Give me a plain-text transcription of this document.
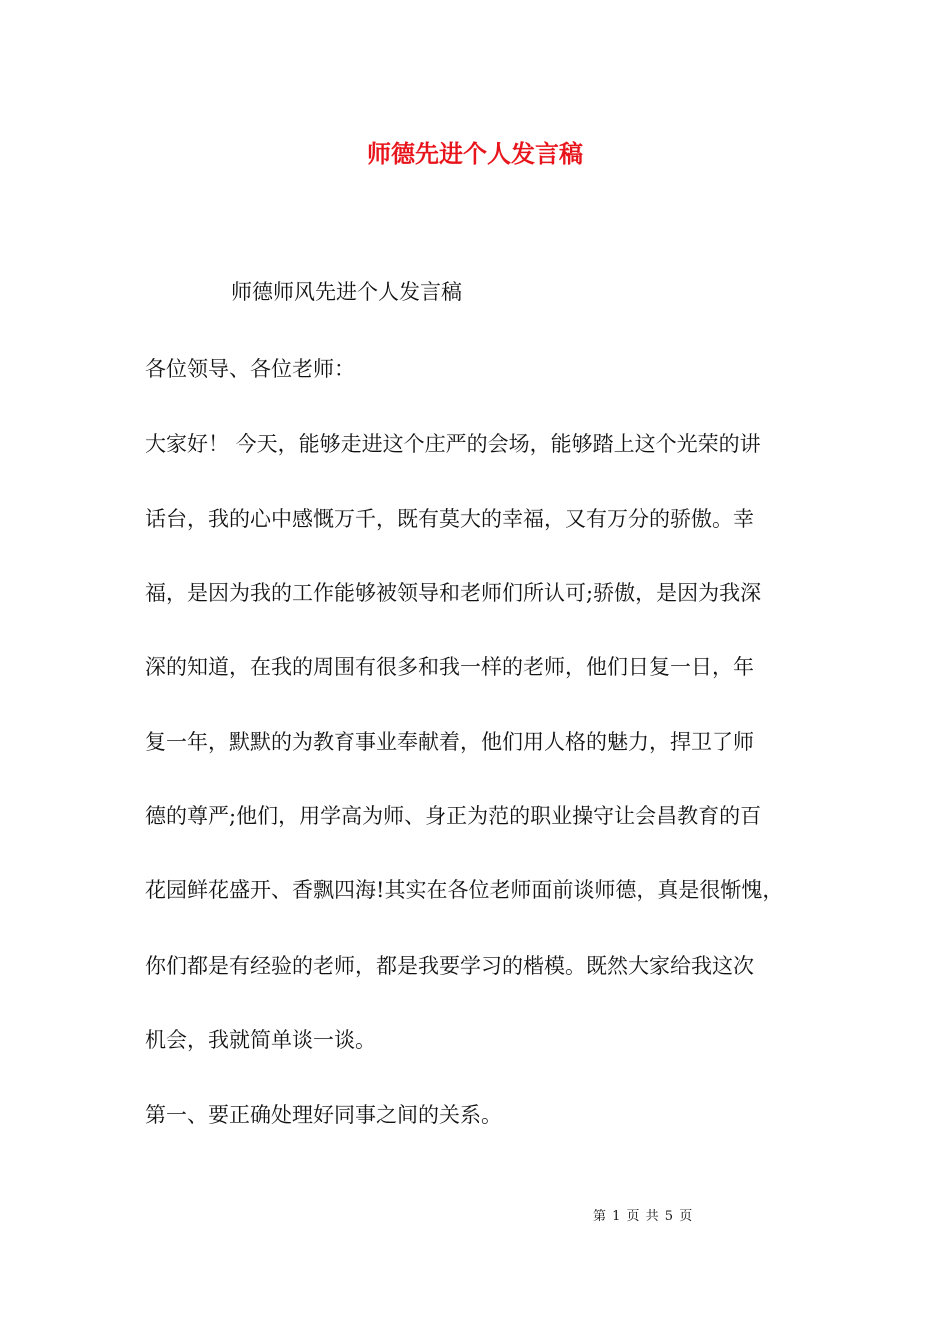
师德先进个人发言稿

师德师风先进个人发言稿

各位领导、各位老师：

大家好！ 今天，能够走进这个庄严的会场，能够踏上这个光荣的讲

话台，我的心中感慨万千，既有莫大的幸福，又有万分的骄傲。幸

福，是因为我的工作能够被领导和老师们所认可;骄傲，是因为我深

深的知道，在我的周围有很多和我一样的老师，他们日复一日，年

复一年，默默的为教育事业奉献着，他们用人格的魅力，捍卫了师

德的尊严;他们，用学高为师、身正为范的职业操守让会昌教育的百

花园鲜花盛开、香飘四海!其实在各位老师面前谈师德，真是很惭愧，

你们都是有经验的老师，都是我要学习的楷模。既然大家给我这次

机会，我就简单谈一谈。

第一、要正确处理好同事之间的关系。

第 1 页 共 5 页
